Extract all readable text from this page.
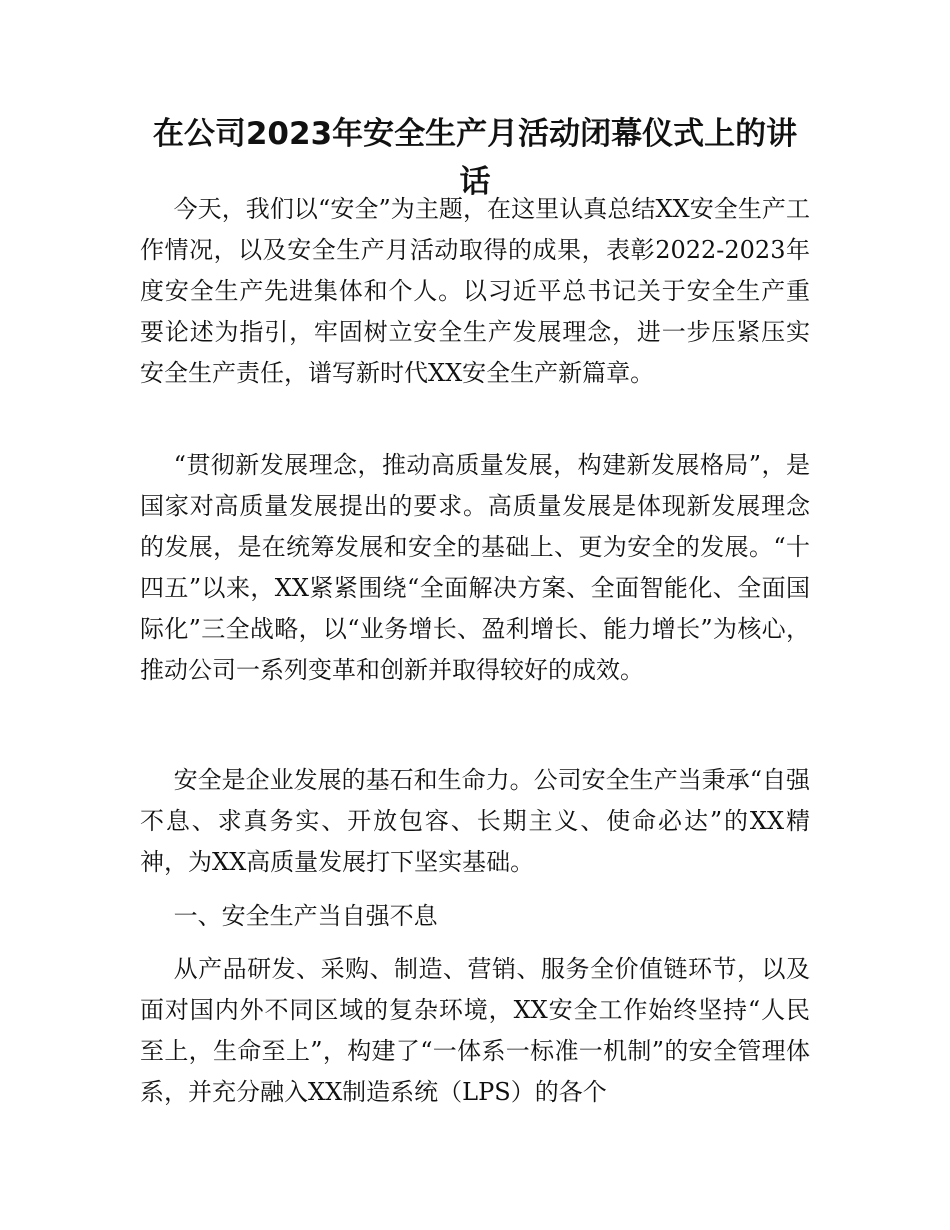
在公司2023年安全生产月活动闭幕仪式上的讲话

今天，我们以“安全”为主题，在这里认真总结XX安全生产工作情况，以及安全生产月活动取得的成果，表彰2022-2023年度安全生产先进集体和个人。以习近平总书记关于安全生产重要论述为指引，牢固树立安全生产发展理念，进一步压紧压实安全生产责任，谱写新时代XX安全生产新篇章。

“贯彻新发展理念，推动高质量发展，构建新发展格局”，是国家对高质量发展提出的要求。高质量发展是体现新发展理念的发展，是在统筹发展和安全的基础上、更为安全的发展。“十四五”以来，XX紧紧围绕“全面解决方案、全面智能化、全面国际化”三全战略，以“业务增长、盈利增长、能力增长”为核心，推动公司一系列变革和创新并取得较好的成效。

安全是企业发展的基石和生命力。公司安全生产当秉承“自强不息、求真务实、开放包容、长期主义、使命必达”的XX精神，为XX高质量发展打下坚实基础。

一、安全生产当自强不息

从产品研发、采购、制造、营销、服务全价值链环节，以及面对国内外不同区域的复杂环境，XX安全工作始终坚持“人民至上，生命至上”，构建了“一体系一标准一机制”的安全管理体系，并充分融入XX制造系统（LPS）的各个
